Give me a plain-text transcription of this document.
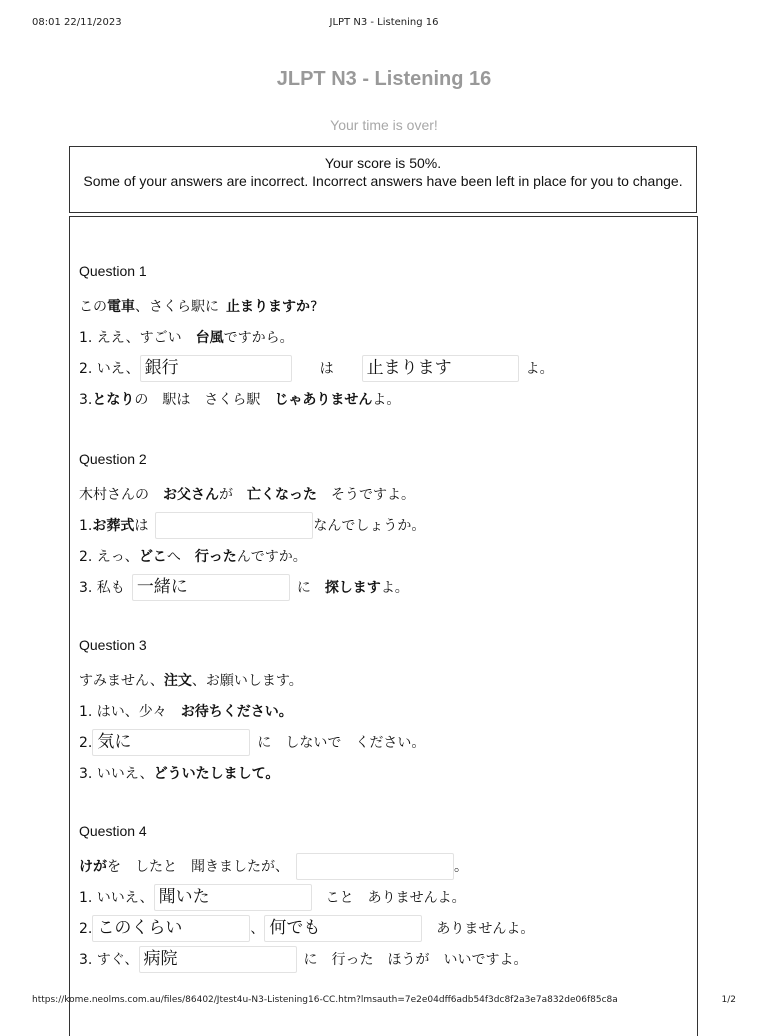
08:01 22/11/2023	JLPT N3 - Listening 16
JLPT N3 - Listening 16
Your time is over!
Your score is 50%.
Some of your answers are incorrect. Incorrect answers have been left in place for you to change.
Question 1
この 電車 、さくら駅に 止まりますか ?
1. ええ、すごい 台風 ですから。
2. いえ、 銀行	は 止まります	よ。
3. となり の　駅は　さくら駅 じゃありません よ。
Question 2
木村さんの お父さん が 亡くなった そうですよ。
1. お葬式 は	なんでしょうか。
2. えっ、 どこ へ 行った んですか。
3. 私も 一緒に	に 探します よ。
Question 3
すみません、 注文 、お願いします。
1. はい、少々 お待ちください。
2. 気に	に　しないで　ください。
3. いいえ、 どういたしまして。
Question 4
けが を　したと　聞きましたが、	。
1. いいえ、 聞いた	こと　ありませんよ。
2. このくらい	、 何でも	ありませんよ。
3. すぐ、 病院	に　行った　ほうが　いいですよ。
https://kome.neolms.com.au/files/86402/Jtest4u-N3-Listening16-CC.htm?lmsauth=7e2e04dff6adb54f3dc8f2a3e7a832de06f85c8a	1/2
